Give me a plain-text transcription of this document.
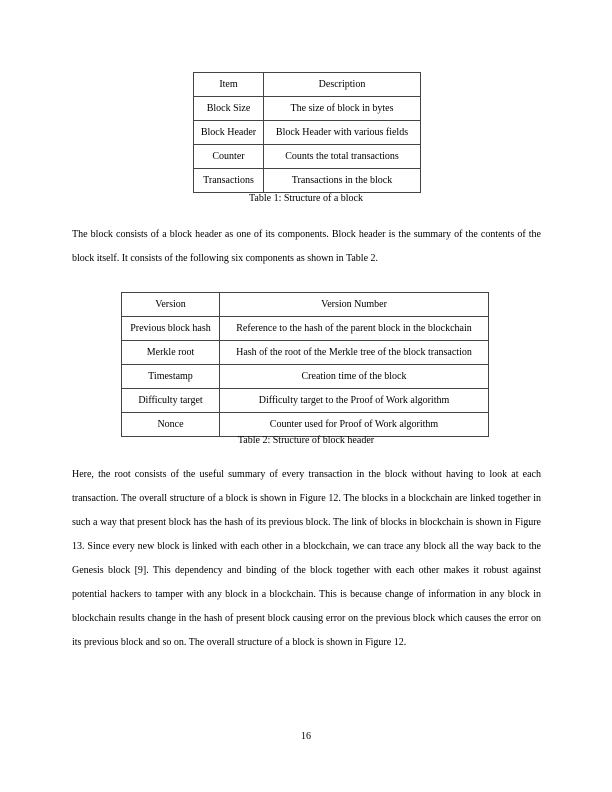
Item	Description
Block Size	The size of block in bytes
Block Header	Block Header with various fields
Counter	Counts the total transactions
Transactions	Transactions in the block
Table 1: Structure of a block

The block consists of a block header as one of its components. Block header is the summary of the contents of the block itself. It consists of the following six components as shown in Table 2.

Version	Version Number
Previous block hash	Reference to the hash of the parent block in the blockchain
Merkle root	Hash of the root of the Merkle tree of the block transaction
Timestamp	Creation time of the block
Difficulty target	Difficulty target to the Proof of Work algorithm
Nonce	Counter used for Proof of Work algorithm
Table 2: Structure of block header

Here, the root consists of the useful summary of every transaction in the block without having to look at each transaction. The overall structure of a block is shown in Figure 12. The blocks in a blockchain are linked together in such a way that present block has the hash of its previous block. The link of blocks in blockchain is shown in Figure 13. Since every new block is linked with each other in a blockchain, we can trace any block all the way back to the Genesis block [9]. This dependency and binding of the block together with each other makes it robust against potential hackers to tamper with any block in a blockchain. This is because change of information in any block in blockchain results change in the hash of present block causing error on the previous block which causes the error on its previous block and so on. The overall structure of a block is shown in Figure 12.

16
